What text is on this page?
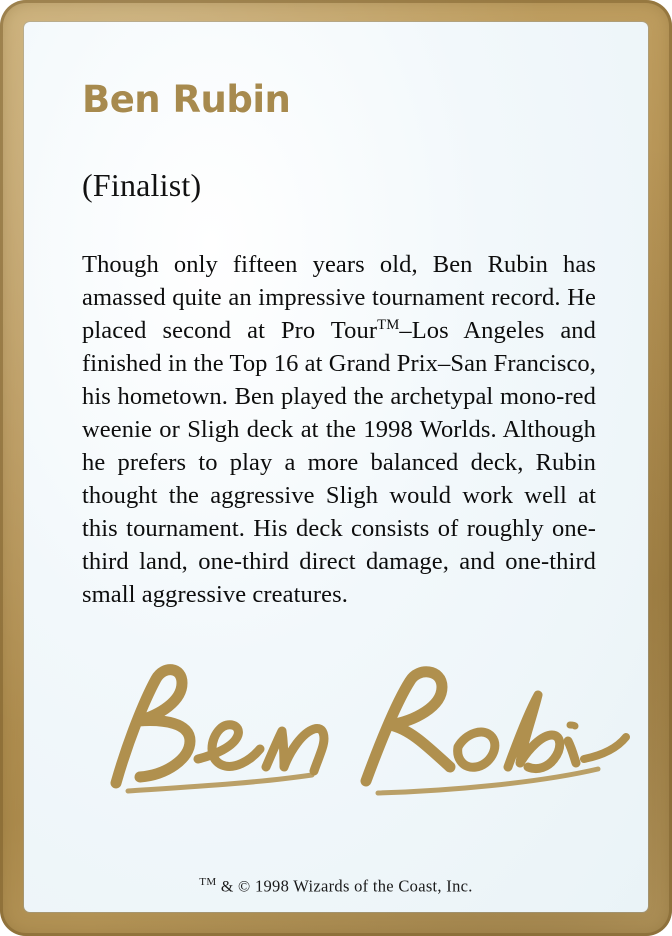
Ben Rubin
(Finalist)
Though only fifteen years old, Ben Rubin has amassed quite an impressive tournament record. He placed second at Pro Tour™–Los Angeles and finished in the Top 16 at Grand Prix–San Francisco, his hometown. Ben played the archetypal mono-red weenie or Sligh deck at the 1998 Worlds. Although he prefers to play a more balanced deck, Rubin thought the aggressive Sligh would work well at this tournament. His deck consists of roughly one-third land, one-third direct damage, and one-third small aggressive creatures.
™ & © 1998 Wizards of the Coast, Inc.
